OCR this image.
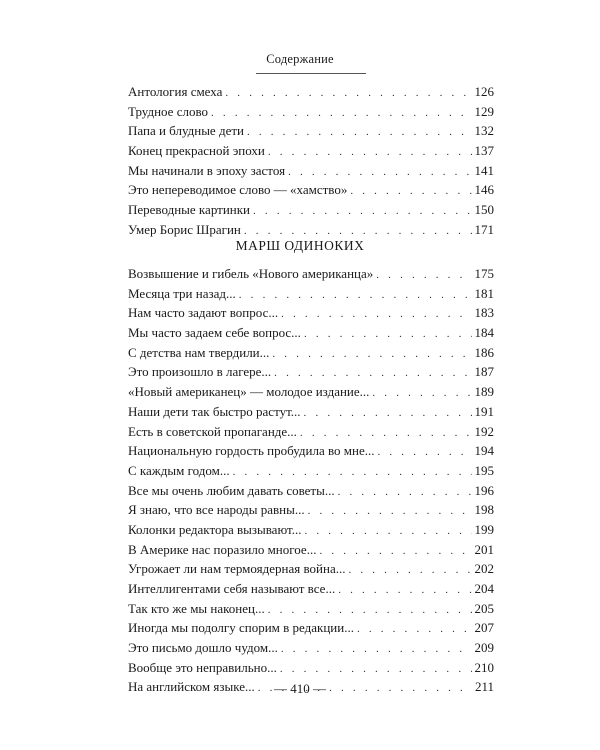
Содержание
Антология смеха . . .	126
Трудное слово . . .	129
Папа и блудные дети . . .	132
Конец прекрасной эпохи . . .	137
Мы начинали в эпоху застоя . . .	141
Это непереводимое слово — «хамство» . . .	146
Переводные картинки . . .	150
Умер Борис Шрагин . . .	171
МАРШ ОДИНОКИХ
Возвышение и гибель «Нового американца» . . .	175
Месяца три назад... . . .	181
Нам часто задают вопрос... . . .	183
Мы часто задаем себе вопрос... . . .	184
С детства нам твердили... . . .	186
Это произошло в лагере... . . .	187
«Новый американец» — молодое издание... . . .	189
Наши дети так быстро растут... . . .	191
Есть в советской пропаганде... . . .	192
Национальную гордость пробудила во мне... . . .	194
С каждым годом... . . .	195
Все мы очень любим давать советы... . . .	196
Я знаю, что все народы равны... . . .	198
Колонки редактора вызывают... . . .	199
В Америке нас поразило многое... . . .	201
Угрожает ли нам термоядерная война... . . .	202
Интеллигентами себя называют все... . . .	204
Так кто же мы наконец... . . .	205
Иногда мы подолгу спорим в редакции... . . .	207
Это письмо дошло чудом... . . .	209
Вообще это неправильно... . . .	210
На английском языке... . . .	211
— 410 —
